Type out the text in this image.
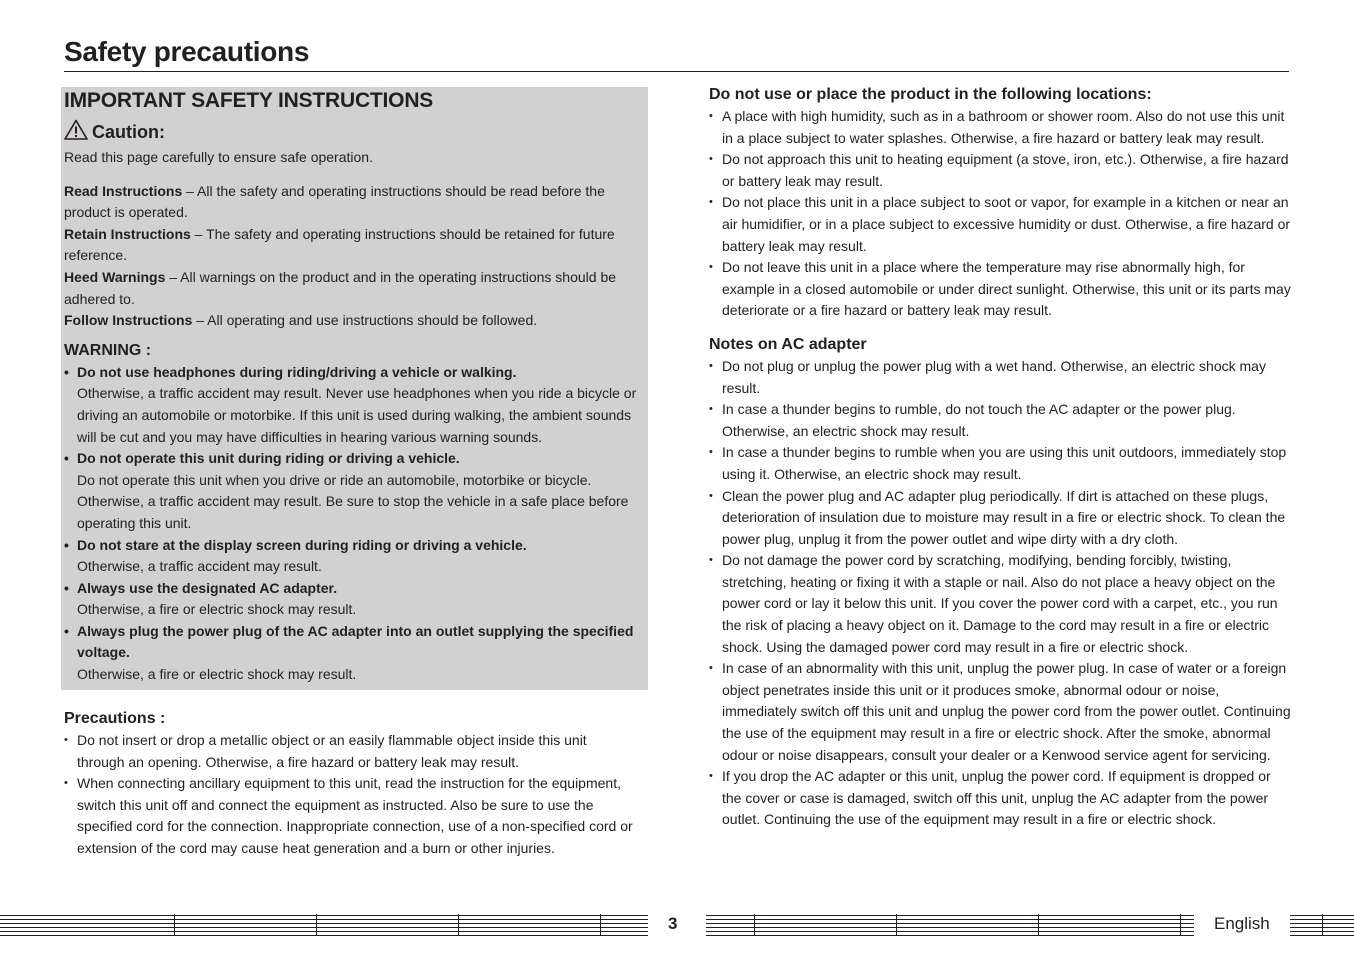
Safety precautions
IMPORTANT SAFETY INSTRUCTIONS
Caution:

Read this page carefully to ensure safe operation.

Read Instructions – All the safety and operating instructions should be read before the product is operated.

Retain Instructions – The safety and operating instructions should be retained for future reference.

Heed Warnings – All warnings on the product and in the operating instructions should be adhered to.

Follow Instructions – All operating and use instructions should be followed.

WARNING :
• Do not use headphones during riding/driving a vehicle or walking.
Otherwise, a traffic accident may result. Never use headphones when you ride a bicycle or driving an automobile or motorbike. If this unit is used during walking, the ambient sounds will be cut and you may have difficulties in hearing various warning sounds.
• Do not operate this unit during riding or driving a vehicle.
Do not operate this unit when you drive or ride an automobile, motorbike or bicycle. Otherwise, a traffic accident may result. Be sure to stop the vehicle in a safe place before operating this unit.
• Do not stare at the display screen during riding or driving a vehicle.
Otherwise, a traffic accident may result.
• Always use the designated AC adapter.
Otherwise, a fire or electric shock may result.
• Always plug the power plug of the AC adapter into an outlet supplying the specified voltage.
Otherwise, a fire or electric shock may result.
Precautions :
• Do not insert or drop a metallic object or an easily flammable object inside this unit through an opening. Otherwise, a fire hazard or battery leak may result.
• When connecting ancillary equipment to this unit, read the instruction for the equipment, switch this unit off and connect the equipment as instructed. Also be sure to use the specified cord for the connection. Inappropriate connection, use of a non-specified cord or extension of the cord may cause heat generation and a burn or other injuries.
Do not use or place the product in the following locations:
• A place with high humidity, such as in a bathroom or shower room. Also do not use this unit in a place subject to water splashes. Otherwise, a fire hazard or battery leak may result.
• Do not approach this unit to heating equipment (a stove, iron, etc.). Otherwise, a fire hazard or battery leak may result.
• Do not place this unit in a place subject to soot or vapor, for example in a kitchen or near an air humidifier, or in a place subject to excessive humidity or dust. Otherwise, a fire hazard or battery leak may result.
• Do not leave this unit in a place where the temperature may rise abnormally high, for example in a closed automobile or under direct sunlight. Otherwise, this unit or its parts may deteriorate or a fire hazard or battery leak may result.
Notes on AC adapter
• Do not plug or unplug the power plug with a wet hand. Otherwise, an electric shock may result.
• In case a thunder begins to rumble, do not touch the AC adapter or the power plug. Otherwise, an electric shock may result.
• In case a thunder begins to rumble when you are using this unit outdoors, immediately stop using it. Otherwise, an electric shock may result.
• Clean the power plug and AC adapter plug periodically. If dirt is attached on these plugs, deterioration of insulation due to moisture may result in a fire or electric shock. To clean the power plug, unplug it from the power outlet and wipe dirty with a dry cloth.
• Do not damage the power cord by scratching, modifying, bending forcibly, twisting, stretching, heating or fixing it with a staple or nail. Also do not place a heavy object on the power cord or lay it below this unit. If you cover the power cord with a carpet, etc., you run the risk of placing a heavy object on it. Damage to the cord may result in a fire or electric shock. Using the damaged power cord may result in a fire or electric shock.
• In case of an abnormality with this unit, unplug the power plug. In case of water or a foreign object penetrates inside this unit or it produces smoke, abnormal odour or noise, immediately switch off this unit and unplug the power cord from the power outlet. Continuing the use of the equipment may result in a fire or electric shock. After the smoke, abnormal odour or noise disappears, consult your dealer or a Kenwood service agent for servicing.
• If you drop the AC adapter or this unit, unplug the power cord. If equipment is dropped or the cover or case is damaged, switch off this unit, unplug the AC adapter from the power outlet. Continuing the use of the equipment may result in a fire or electric shock.
3	English
